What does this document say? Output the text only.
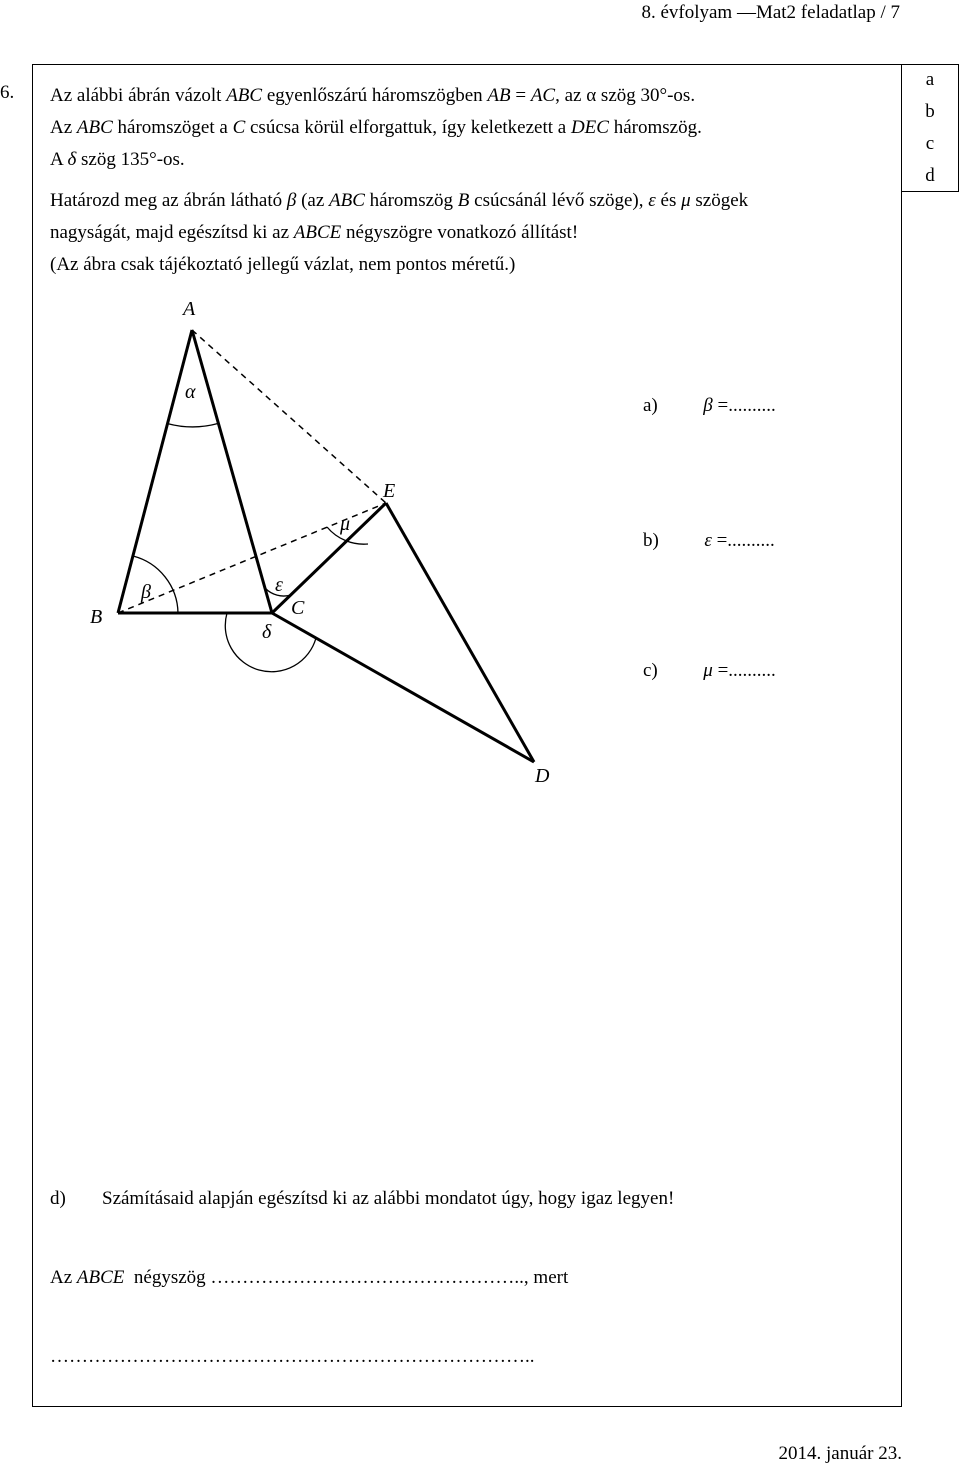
8. évfolyam —Mat2 feladatlap / 7
2014. január 23.
a
b
c
d
6. Az alábbi ábrán vázolt ABC egyenlőszárú háromszögben AB = AC, az α szög 30°-os.
Az ABC háromszöget a C csúcsa körül elforgattuk, így keletkezett a DEC háromszög.
A δ szög 135°-os.
Határozd meg az ábrán látható β (az ABC háromszög B csúcsánál lévő szöge), ε és μ szögek
nagyságát, majd egészítsd ki az ABCE négyszögre vonatkozó állítást!
(Az ábra csak tájékoztató jellegű vázlat, nem pontos méretű.)
A
B	C
D
E
α
β	ε
δ
μ
a) β =..........
b) ε =..........
c) μ =..........
d) Számításaid alapján egészítsd ki az alábbi mondatot úgy, hogy igaz legyen!
Az ABCE  négyszög ………………………………………….., mert
…………………………………………………………………..
